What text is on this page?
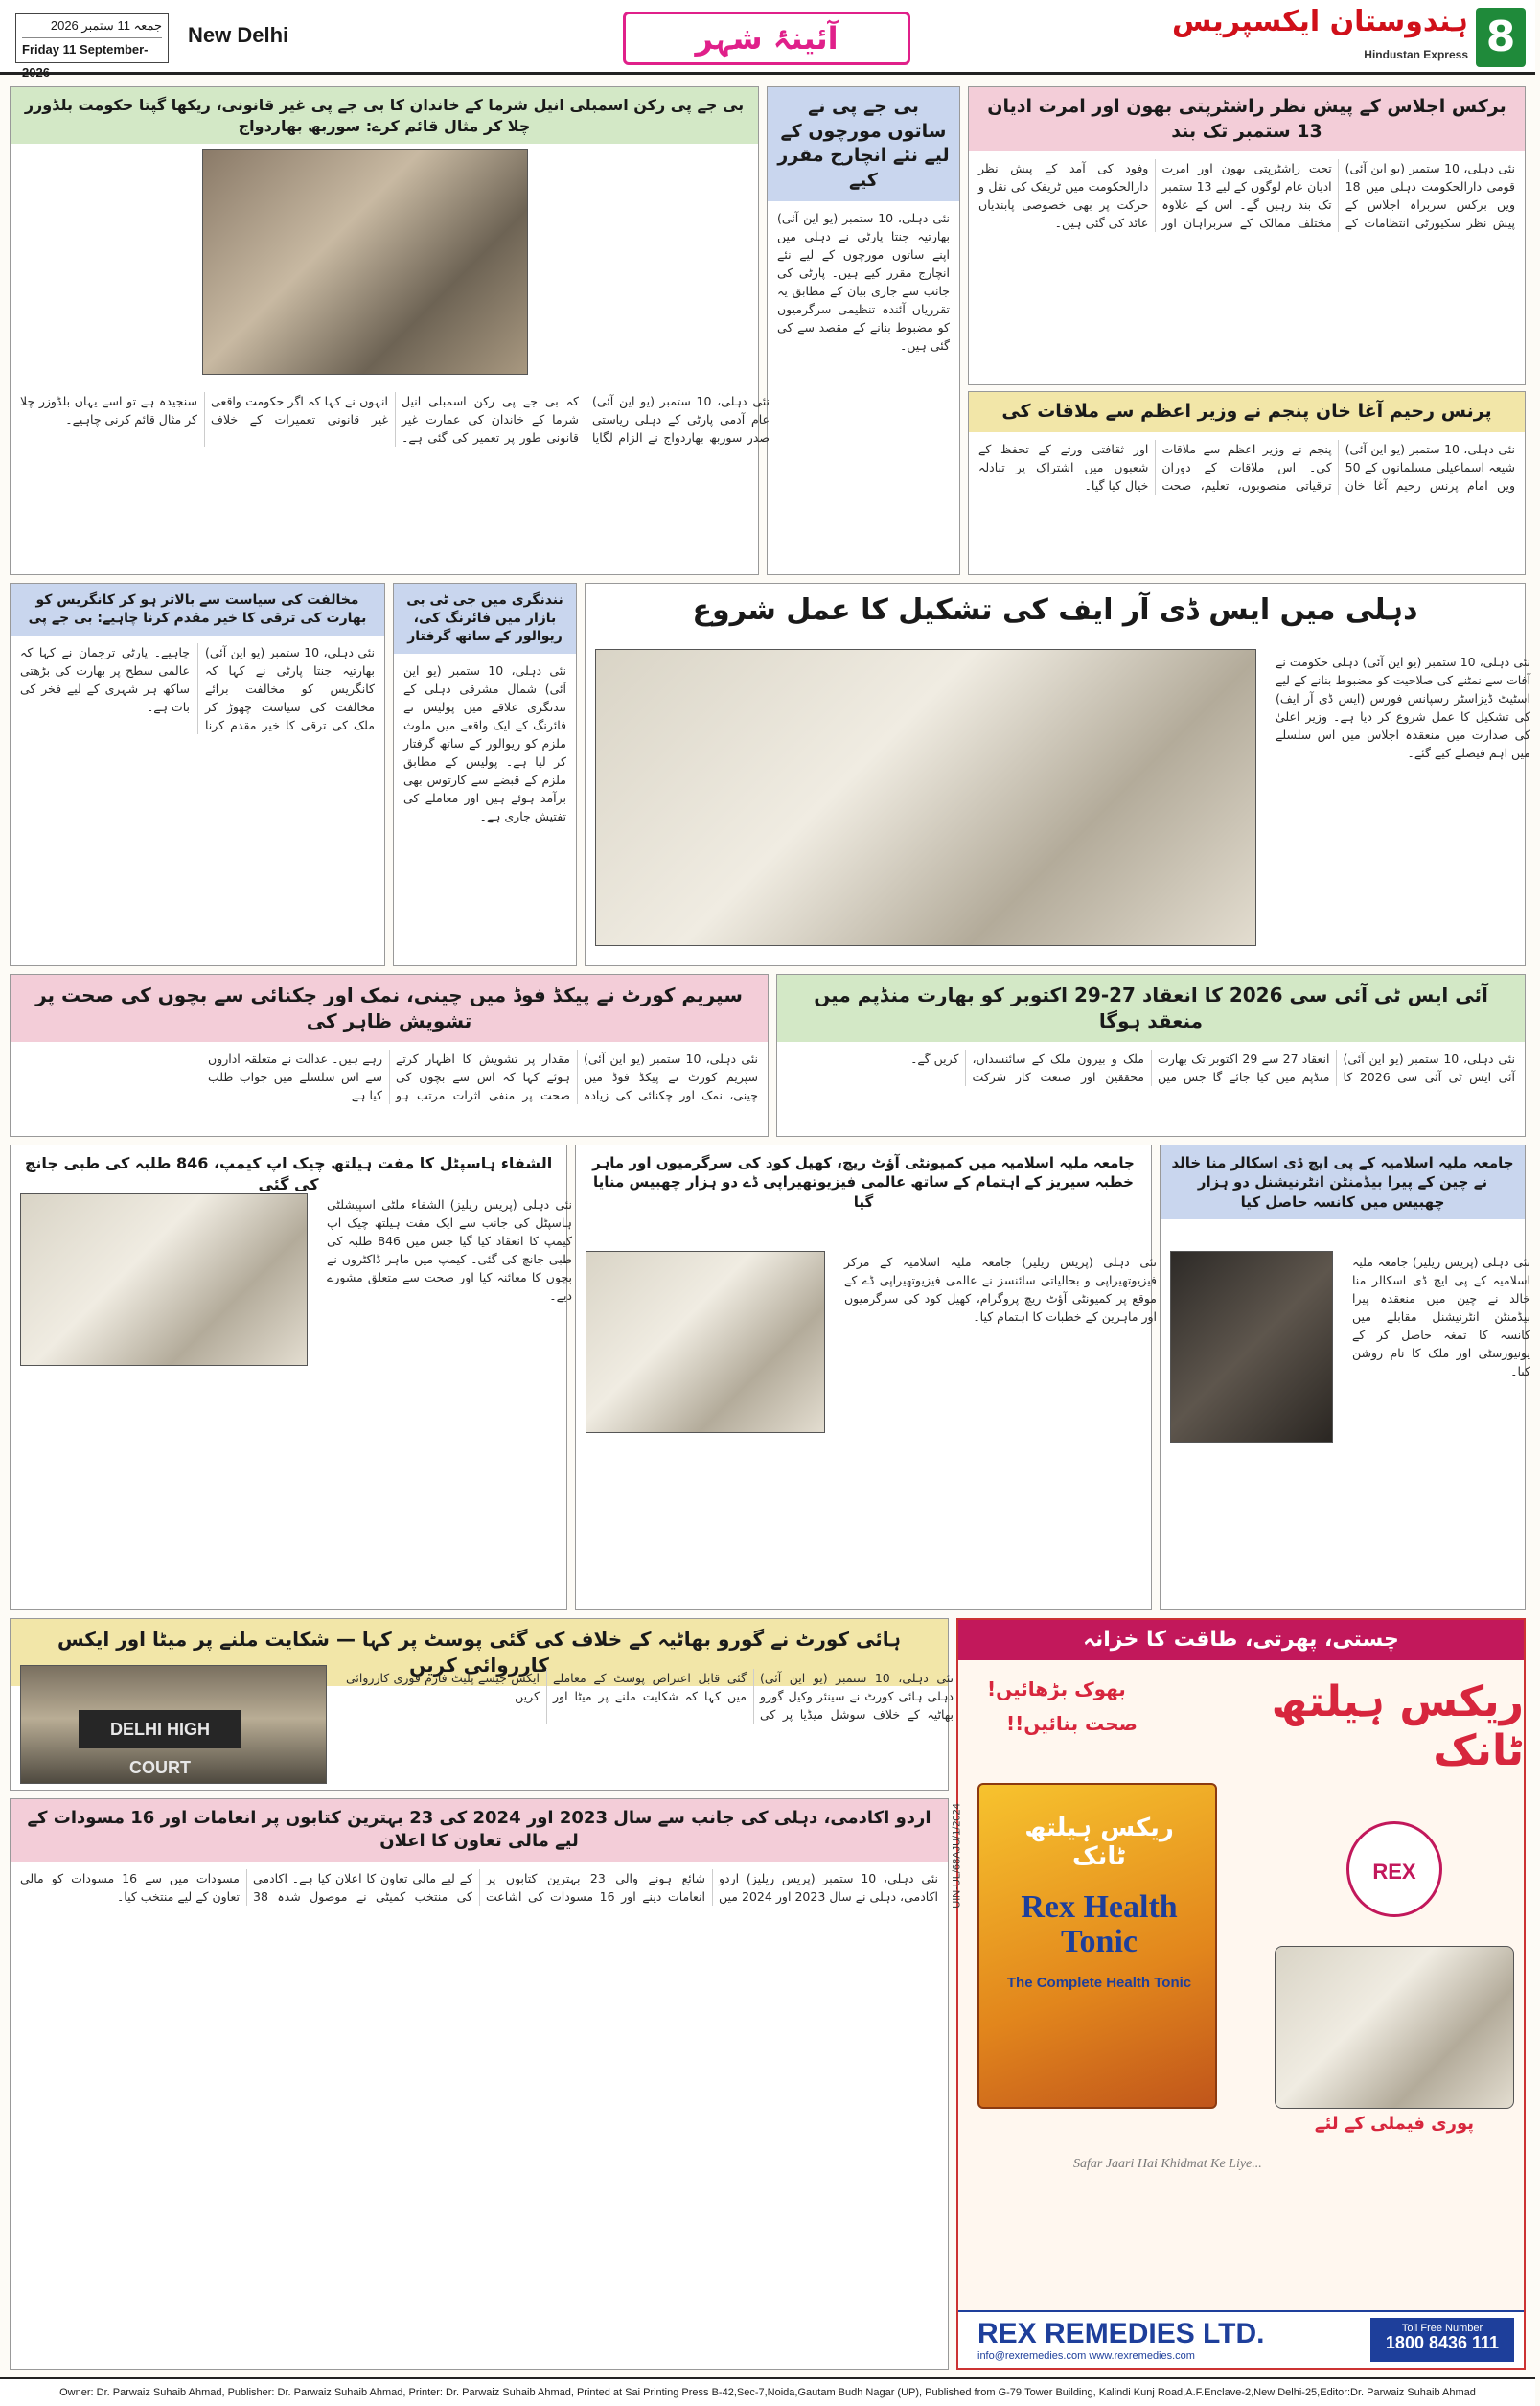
جمعہ 11 ستمبر 2026
Friday 11 September-2026
New Delhi	آئینۂ شہر	ہندوستان ایکسپریس
Hindustan Express 8
برکس اجلاس کے پیش نظر راشٹرپتی بھون اور امرت ادیان 13 ستمبر تک بند
نئی دہلی، 10 ستمبر (یو این آئی) قومی دارالحکومت دہلی میں 18 ویں برکس سربراہ اجلاس کے پیش نظر سکیورٹی انتظامات کے تحت راشٹرپتی بھون اور امرت ادیان عام لوگوں کے لیے 13 ستمبر تک بند رہیں گے۔ اس کے علاوہ مختلف ممالک کے سربراہان اور وفود کی آمد کے پیش نظر دارالحکومت میں ٹریفک کی نقل و حرکت پر بھی خصوصی پابندیاں عائد کی گئی ہیں۔
پرنس رحیم آغا خان پنجم نے وزیر اعظم سے ملاقات کی
نئی دہلی، 10 ستمبر (یو این آئی) شیعہ اسماعیلی مسلمانوں کے 50 ویں امام پرنس رحیم آغا خان پنجم نے وزیر اعظم سے ملاقات کی۔ اس ملاقات کے دوران ترقیاتی منصوبوں، تعلیم، صحت اور ثقافتی ورثے کے تحفظ کے شعبوں میں اشتراک پر تبادلہ خیال کیا گیا۔
بی جے پی نے ساتوں مورچوں کے لیے نئے انچارج مقرر کیے
نئی دہلی، 10 ستمبر (یو این آئی) بھارتیہ جنتا پارٹی نے دہلی میں اپنے ساتوں مورچوں کے لیے نئے انچارج مقرر کیے ہیں۔ پارٹی کی جانب سے جاری بیان کے مطابق یہ تقرریاں آئندہ تنظیمی سرگرمیوں کو مضبوط بنانے کے مقصد سے کی گئی ہیں۔
بی جے پی رکن اسمبلی انیل شرما کے خاندان کا بی جے پی غیر قانونی، ریکھا گپتا حکومت بلڈوزر چلا کر مثال قائم کرے: سوربھ بھاردواج
نئی دہلی، 10 ستمبر (یو این آئی) عام آدمی پارٹی کے دہلی ریاستی صدر سوربھ بھاردواج نے الزام لگایا کہ بی جے پی رکن اسمبلی انیل شرما کے خاندان کی عمارت غیر قانونی طور پر تعمیر کی گئی ہے۔ انہوں نے کہا کہ اگر حکومت واقعی غیر قانونی تعمیرات کے خلاف سنجیدہ ہے تو اسے یہاں بلڈوزر چلا کر مثال قائم کرنی چاہیے۔
دہلی میں ایس ڈی آر ایف کی تشکیل کا عمل شروع
نئی دہلی، 10 ستمبر (یو این آئی) دہلی حکومت نے آفات سے نمٹنے کی صلاحیت کو مضبوط بنانے کے لیے اسٹیٹ ڈیزاسٹر رسپانس فورس (ایس ڈی آر ایف) کی تشکیل کا عمل شروع کر دیا ہے۔ وزیر اعلیٰ کی صدارت میں منعقدہ اجلاس میں اس سلسلے میں اہم فیصلے کیے گئے۔
نندنگری میں جی ٹی بی بازار میں فائرنگ کی، ریوالور کے ساتھ گرفتار
نئی دہلی، 10 ستمبر (یو این آئی) شمال مشرقی دہلی کے نندنگری علاقے میں پولیس نے فائرنگ کے ایک واقعے میں ملوث ملزم کو ریوالور کے ساتھ گرفتار کر لیا ہے۔ پولیس کے مطابق ملزم کے قبضے سے کارتوس بھی برآمد ہوئے ہیں اور معاملے کی تفتیش جاری ہے۔
مخالفت کی سیاست سے بالاتر ہو کر کانگریس کو بھارت کی ترقی کا خیر مقدم کرنا چاہیے: بی جے پی
نئی دہلی، 10 ستمبر (یو این آئی) بھارتیہ جنتا پارٹی نے کہا کہ کانگریس کو مخالفت برائے مخالفت کی سیاست چھوڑ کر ملک کی ترقی کا خیر مقدم کرنا چاہیے۔ پارٹی ترجمان نے کہا کہ عالمی سطح پر بھارت کی بڑھتی ساکھ ہر شہری کے لیے فخر کی بات ہے۔
آئی ایس ٹی آئی سی 2026 کا انعقاد 27-29 اکتوبر کو بھارت منڈپم میں منعقد ہوگا
نئی دہلی، 10 ستمبر (یو این آئی) آئی ایس ٹی آئی سی 2026 کا انعقاد 27 سے 29 اکتوبر تک بھارت منڈپم میں کیا جائے گا جس میں ملک و بیرون ملک کے سائنسداں، محققین اور صنعت کار شرکت کریں گے۔
سپریم کورٹ نے پیکڈ فوڈ میں چینی، نمک اور چکنائی سے بچوں کی صحت پر تشویش ظاہر کی
نئی دہلی، 10 ستمبر (یو این آئی) سپریم کورٹ نے پیکڈ فوڈ میں چینی، نمک اور چکنائی کی زیادہ مقدار پر تشویش کا اظہار کرتے ہوئے کہا کہ اس سے بچوں کی صحت پر منفی اثرات مرتب ہو رہے ہیں۔ عدالت نے متعلقہ اداروں سے اس سلسلے میں جواب طلب کیا ہے۔
جامعہ ملیہ اسلامیہ کے پی ایچ ڈی اسکالر منا خالد نے چین کے پیرا بیڈمنٹن انٹرنیشنل دو ہزار چھبیس میں کانسہ حاصل کیا
نئی دہلی (پریس ریلیز) جامعہ ملیہ اسلامیہ کے پی ایچ ڈی اسکالر منا خالد نے چین میں منعقدہ پیرا بیڈمنٹن انٹرنیشنل مقابلے میں کانسہ کا تمغہ حاصل کر کے یونیورسٹی اور ملک کا نام روشن کیا۔
جامعہ ملیہ اسلامیہ میں کمیونٹی آؤٹ ریچ، کھیل کود کی سرگرمیوں اور ماہر خطبہ سیریز کے اہتمام کے ساتھ عالمی فیزیوتھیراپی ڈے دو ہزار چھبیس منایا گیا
نئی دہلی (پریس ریلیز) جامعہ ملیہ اسلامیہ کے مرکز فیزیوتھیراپی و بحالیاتی سائنسز نے عالمی فیزیوتھیراپی ڈے کے موقع پر کمیونٹی آؤٹ ریچ پروگرام، کھیل کود کی سرگرمیوں اور ماہرین کے خطبات کا اہتمام کیا۔
الشفاء ہاسپٹل کا مفت ہیلتھ چیک اپ کیمپ، 846 طلبہ کی طبی جانچ کی گئی
نئی دہلی (پریس ریلیز) الشفاء ملٹی اسپیشلٹی ہاسپٹل کی جانب سے ایک مفت ہیلتھ چیک اپ کیمپ کا انعقاد کیا گیا جس میں 846 طلبہ کی طبی جانچ کی گئی۔ کیمپ میں ماہر ڈاکٹروں نے بچوں کا معائنہ کیا اور صحت سے متعلق مشورے دیے۔
ہائی کورٹ نے گورو بھاٹیہ کے خلاف کی گئی پوسٹ پر کہا — شکایت ملنے پر میٹا اور ایکس کارروائی کریں
DELHI HIGH COURT
نئی دہلی، 10 ستمبر (یو این آئی) دہلی ہائی کورٹ نے سینئر وکیل گورو بھاٹیہ کے خلاف سوشل میڈیا پر کی گئی قابل اعتراض پوسٹ کے معاملے میں کہا کہ شکایت ملنے پر میٹا اور ایکس جیسے پلیٹ فارم فوری کارروائی کریں۔
اردو اکادمی، دہلی کی جانب سے سال 2023 اور 2024 کی 23 بہترین کتابوں پر انعامات اور 16 مسودات کے لیے مالی تعاون کا اعلان
نئی دہلی، 10 ستمبر (پریس ریلیز) اردو اکادمی، دہلی نے سال 2023 اور 2024 میں شائع ہونے والی 23 بہترین کتابوں پر انعامات دینے اور 16 مسودات کی اشاعت کے لیے مالی تعاون کا اعلان کیا ہے۔ اکادمی کی منتخب کمیٹی نے موصول شدہ 38 مسودات میں سے 16 مسودات کو مالی تعاون کے لیے منتخب کیا۔
چستی، پھرتی، طاقت کا خزانہ
ریکس ہیلتھ ٹانک
بھوک بڑھائیں!
صحت بنائیں!!
UIN-UL/68AJU/1/2024	ریکس ہیلتھ ٹانک
Rex Health Tonic
The Complete Health Tonic
REX
پوری فیملی کے لئے
Safar Jaari Hai Khidmat Ke Liye...
REX REMEDIES LTD.
info@rexremedies.com www.rexremedies.com
Toll Free Number
1800 8436 111
Owner: Dr. Parwaiz Suhaib Ahmad, Publisher: Dr. Parwaiz Suhaib Ahmad, Printer: Dr. Parwaiz Suhaib Ahmad, Printed at Sai Printing Press B-42,Sec-7,Noida,Gautam Budh Nagar (UP), Published from G-79,Tower Building, Kalindi Kunj Road,A.F.Enclave-2,New Delhi-25,Editor:Dr. Parwaiz Suhaib Ahmad
